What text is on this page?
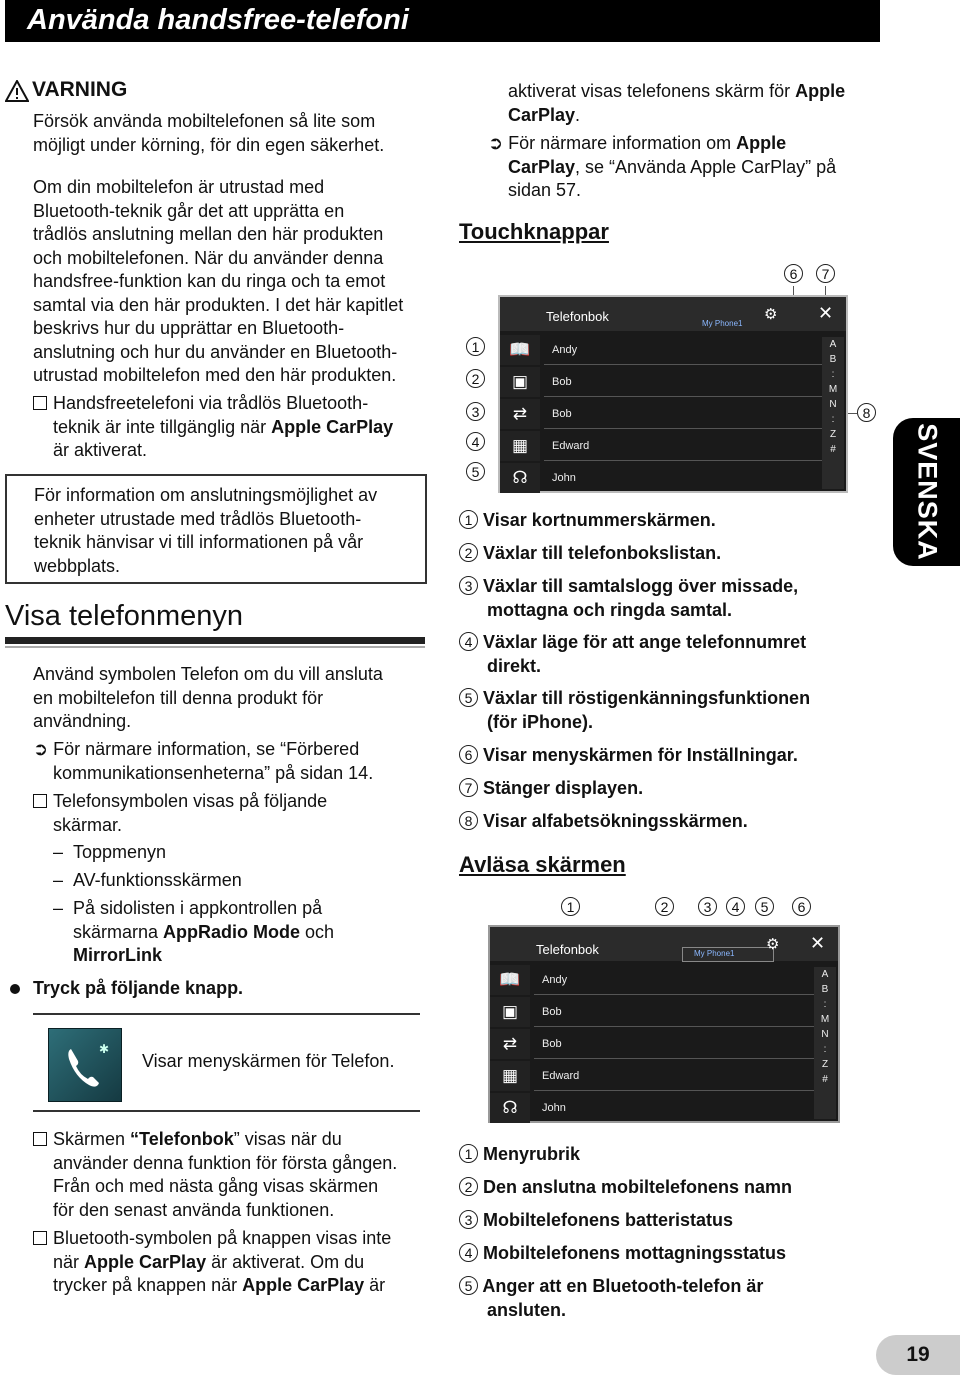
Använda handsfree-telefoni
VARNING
Försök använda mobiltelefonen så lite som
möjligt under körning, för din egen säkerhet.
Om din mobiltelefon är utrustad med
Bluetooth-teknik går det att upprätta en
trådlös anslutning mellan den här produkten
och mobiltelefonen. När du använder denna
handsfree-funktion kan du ringa och ta emot
samtal via den här produkten. I det här kapitlet
beskrivs hur du upprättar en Bluetooth-
anslutning och hur du använder en Bluetooth-
utrustad mobiltelefon med den här produkten.
Handsfreetelefoni via trådlös Bluetooth-
teknik är inte tillgänglig när Apple CarPlay
är aktiverat.
För information om anslutningsmöjlighet av
enheter utrustade med trådlös Bluetooth-
teknik hänvisar vi till informationen på vår
webbplats.
Visa telefonmenyn
Använd symbolen Telefon om du vill ansluta
en mobiltelefon till denna produkt för
användning.
➲ För närmare information, se “Förbered
kommunikationsenheterna” på sidan 14.
Telefonsymbolen visas på följande
skärmar.
– Toppmenyn
– AV-funktionsskärmen
– På sidolisten i appkontrollen på
skärmarna AppRadio Mode och
MirrorLink
Tryck på följande knapp.
✱
Visar menyskärmen för Telefon.
Skärmen “Telefonbok” visas när du
använder denna funktion för första gången.
Från och med nästa gång visas skärmen
för den senast använda funktionen.
Bluetooth-symbolen på knappen visas inte
när Apple CarPlay är aktiverat. Om du
trycker på knappen när Apple CarPlay är
aktiverat visas telefonens skärm för Apple
CarPlay.
➲ För närmare information om Apple
CarPlay, se “Använda Apple CarPlay” på
sidan 57.
Touchknappar
6	7
Telefonbok	My Phone1
⚙ ✕
📖
▣
⇄
▦
☊
Andy
Bob
Bob
Edward
John
A
B
:
M
N
:
Z
#
1
2
3
4
5
8
1 Visar kortnummerskärmen.
2 Växlar till telefonbokslistan.
3 Växlar till samtalslogg över missade,
mottagna och ringda samtal.
4 Växlar läge för att ange telefonnumret
direkt.
5 Växlar till röstigenkänningsfunktionen
(för iPhone).
6 Visar menyskärmen för Inställningar.
7 Stänger displayen.
8 Visar alfabetsökningsskärmen.
Avläsa skärmen
1	2	3	4	5	6
Telefonbok	My Phone1
⚙ ✕
📖
▣
⇄
▦
☊
Andy
Bob
Bob
Edward
John
A
B
:
M
N
:
Z
#
1 Menyrubrik
2 Den anslutna mobiltelefonens namn
3 Mobiltelefonens batteristatus
4 Mobiltelefonens mottagningsstatus
5 Anger att en Bluetooth-telefon är
ansluten.
SVENSKA
19
